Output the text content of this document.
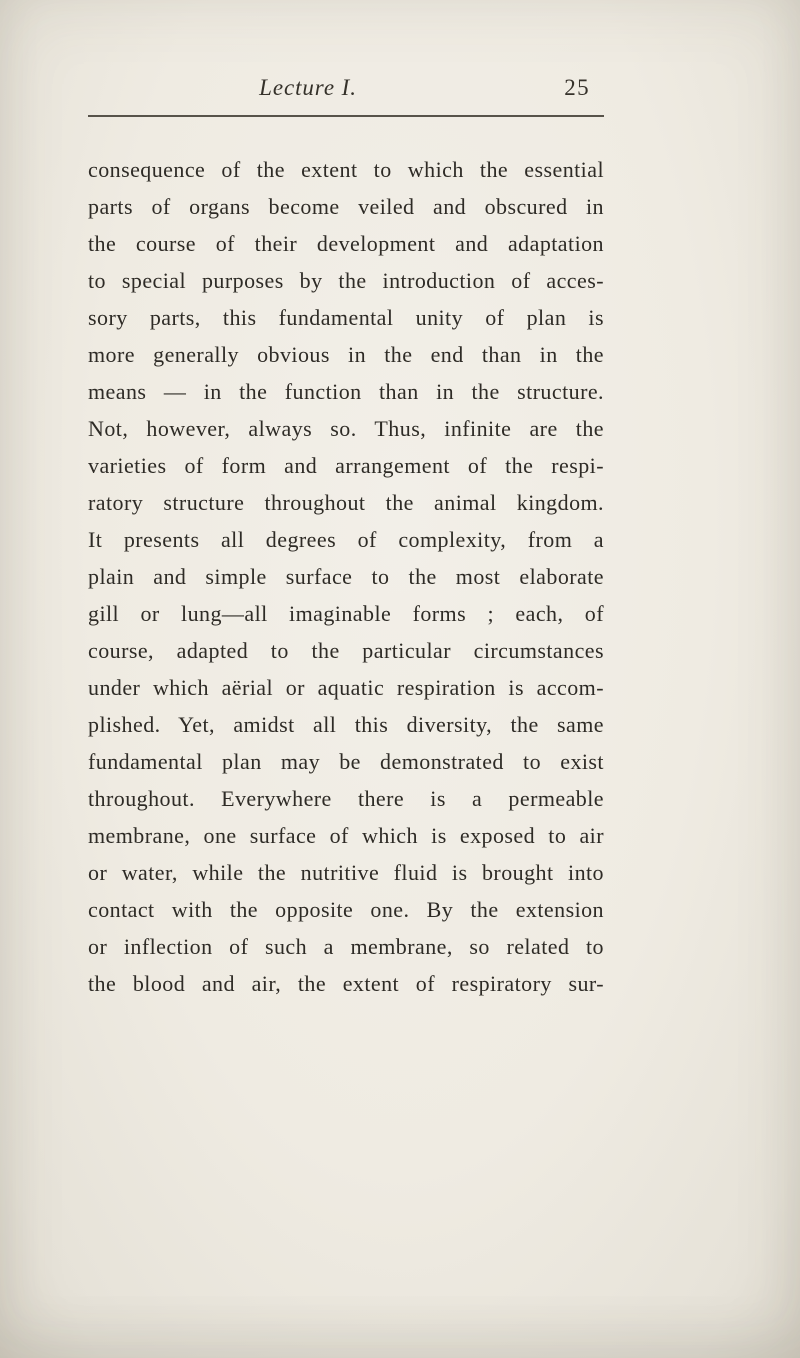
Lecture I.	25
consequence of the extent to which the essential
parts of organs become veiled and obscured in
the course of their development and adaptation
to special purposes by the introduction of acces-
sory parts, this fundamental unity of plan is
more generally obvious in the end than in the
means — in the function than in the structure.
Not, however, always so. Thus, infinite are the
varieties of form and arrangement of the respi-
ratory structure throughout the animal kingdom.
It presents all degrees of complexity, from a
plain and simple surface to the most elaborate
gill or lung—all imaginable forms ; each, of
course, adapted to the particular circumstances
under which aërial or aquatic respiration is accom-
plished. Yet, amidst all this diversity, the same
fundamental plan may be demonstrated to exist
throughout. Everywhere there is a permeable
membrane, one surface of which is exposed to air
or water, while the nutritive fluid is brought into
contact with the opposite one. By the extension
or inflection of such a membrane, so related to
the blood and air, the extent of respiratory sur-
